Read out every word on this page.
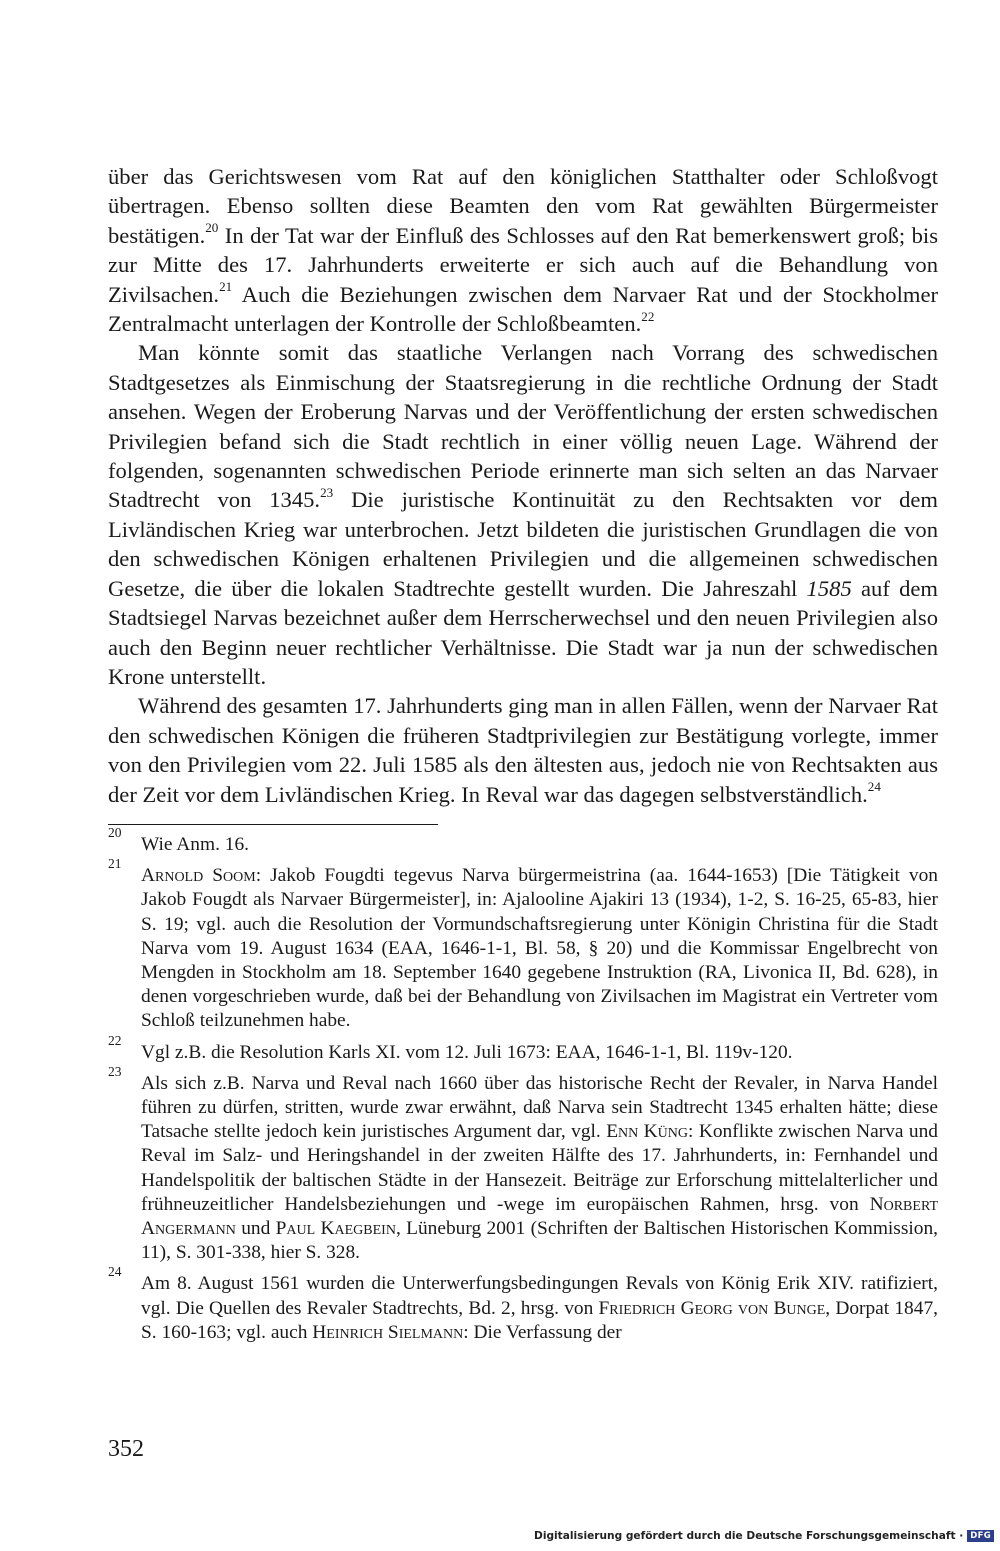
über das Gerichtswesen vom Rat auf den königlichen Statthalter oder Schloßvogt übertragen. Ebenso sollten diese Beamten den vom Rat gewählten Bürgermeister bestätigen.$^{20}$ In der Tat war der Einfluß des Schlosses auf den Rat bemerkenswert groß; bis zur Mitte des 17. Jahrhunderts erweiterte er sich auch auf die Behandlung von Zivilsachen.$^{21}$ Auch die Beziehungen zwischen dem Narvaer Rat und der Stockholmer Zentralmacht unterlagen der Kontrolle der Schloßbeamten.$^{22}$

Man könnte somit das staatliche Verlangen nach Vorrang des schwedischen Stadtgesetzes als Einmischung der Staatsregierung in die rechtliche Ordnung der Stadt ansehen. Wegen der Eroberung Narvas und der Veröffentlichung der ersten schwedischen Privilegien befand sich die Stadt rechtlich in einer völlig neuen Lage. Während der folgenden, sogenannten schwedischen Periode erinnerte man sich selten an das Narvaer Stadtrecht von 1345.23 Die juristische Kontinuität zu den Rechtsakten vor dem Livländischen Krieg war unterbrochen. Jetzt bildeten die juristischen Grundlagen die von den schwedischen Königen erhaltenen Privilegien und die allgemeinen schwedischen Gesetze, die über die lokalen Stadtrechte gestellt wurden. Die Jahreszahl 1585 auf dem Stadtsiegel Narvas bezeichnet außer dem Herrscherwechsel und den neuen Privilegien also auch den Beginn neuer rechtlicher Verhältnisse. Die Stadt war ja nun der schwedischen Krone unterstellt.

Während des gesamten 17. Jahrhunderts ging man in allen Fällen, wenn der Narvaer Rat den schwedischen Königen die früheren Stadtprivilegien zur Bestätigung vorlegte, immer von den Privilegien vom 22. Juli 1585 als den ältesten aus, jedoch nie von Rechtsakten aus der Zeit vor dem Livländischen Krieg. In Reval war das dagegen selbstverständlich.$^{24}$

20
Wie Anm. 16.
21
Arnold Soom: Jakob Fougdti tegevus Narva bürgermeistrina (aa. 1644-1653) [Die Tätigkeit von Jakob Fougdt als Narvaer Bürgermeister], in: Ajalooline Ajakiri 13 (1934), 1-2, S. 16-25, 65-83, hier S. 19; vgl. auch die Resolution der Vormundschaftsregierung unter Königin Christina für die Stadt Narva vom 19. August 1634 (EAA, 1646-1-1, Bl. 58, § 20) und die Kommissar Engelbrecht von Mengden in Stockholm am 18. September 1640 gegebene Instruktion (RA, Livonica II, Bd. 628), in denen vorgeschrieben wurde, daß bei der Behandlung von Zivilsachen im Magistrat ein Vertreter vom Schloß teilzunehmen habe.
22
Vgl z.B. die Resolution Karls XI. vom 12. Juli 1673: EAA, 1646-1-1, Bl. 119v-120.
23
Als sich z.B. Narva und Reval nach 1660 über das historische Recht der Revaler, in Narva Handel führen zu dürfen, stritten, wurde zwar erwähnt, daß Narva sein Stadtrecht 1345 erhalten hätte; diese Tatsache stellte jedoch kein juristisches Argument dar, vgl. Enn Küng: Konflikte zwischen Narva und Reval im Salz- und Heringshandel in der zweiten Hälfte des 17. Jahrhunderts, in: Fernhandel und Handelspolitik der baltischen Städte in der Hansezeit. Beiträge zur Erforschung mittelalterlicher und frühneuzeitlicher Handelsbeziehungen und -wege im europäischen Rahmen, hrsg. von Norbert Angermann und Paul Kaegbein, Lüneburg 2001 (Schriften der Baltischen Historischen Kommission, 11), S. 301-338, hier S. 328.
24
Am 8. August 1561 wurden die Unterwerfungsbedingungen Revals von König Erik XIV. ratifiziert, vgl. Die Quellen des Revaler Stadtrechts, Bd. 2, hrsg. von Friedrich Georg von Bunge, Dorpat 1847, S. 160-163; vgl. auch Heinrich Sielmann: Die Verfassung der
352
Digitalisierung gefördert durch die Deutsche Forschungsgemeinschaft · DFG
